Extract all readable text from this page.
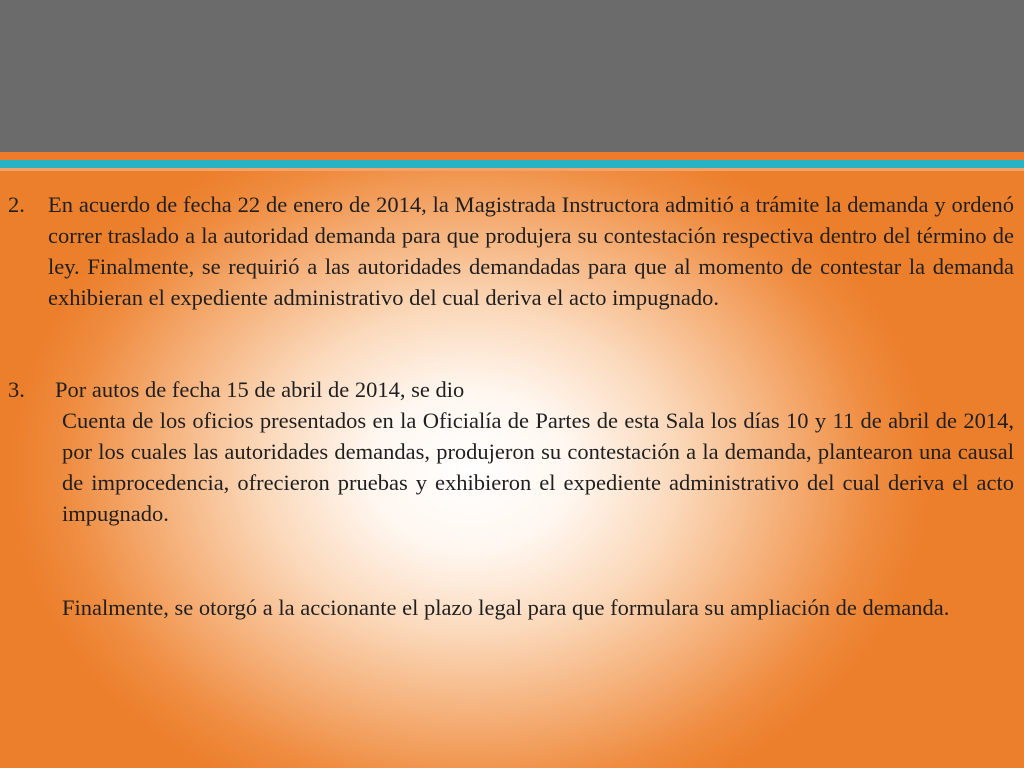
2. En acuerdo de fecha 22 de enero de 2014, la Magistrada Instructora admitió a trámite la demanda y ordenó correr traslado a la autoridad demanda para que produjera su contestación respectiva dentro del término de ley. Finalmente, se requirió a las autoridades demandadas para que al momento de contestar la demanda exhibieran el expediente administrativo del cual deriva el acto impugnado.

3. Por autos de fecha 15 de abril de 2014, se dio

Cuenta de los oficios presentados en la Oficialía de Partes de esta Sala los días 10 y 11 de abril de 2014, por los cuales las autoridades demandas, produjeron su contestación a la demanda, plantearon una causal de improcedencia, ofrecieron pruebas y exhibieron el expediente administrativo del cual deriva el acto impugnado.

Finalmente, se otorgó a la accionante el plazo legal para que formulara su ampliación de demanda.
